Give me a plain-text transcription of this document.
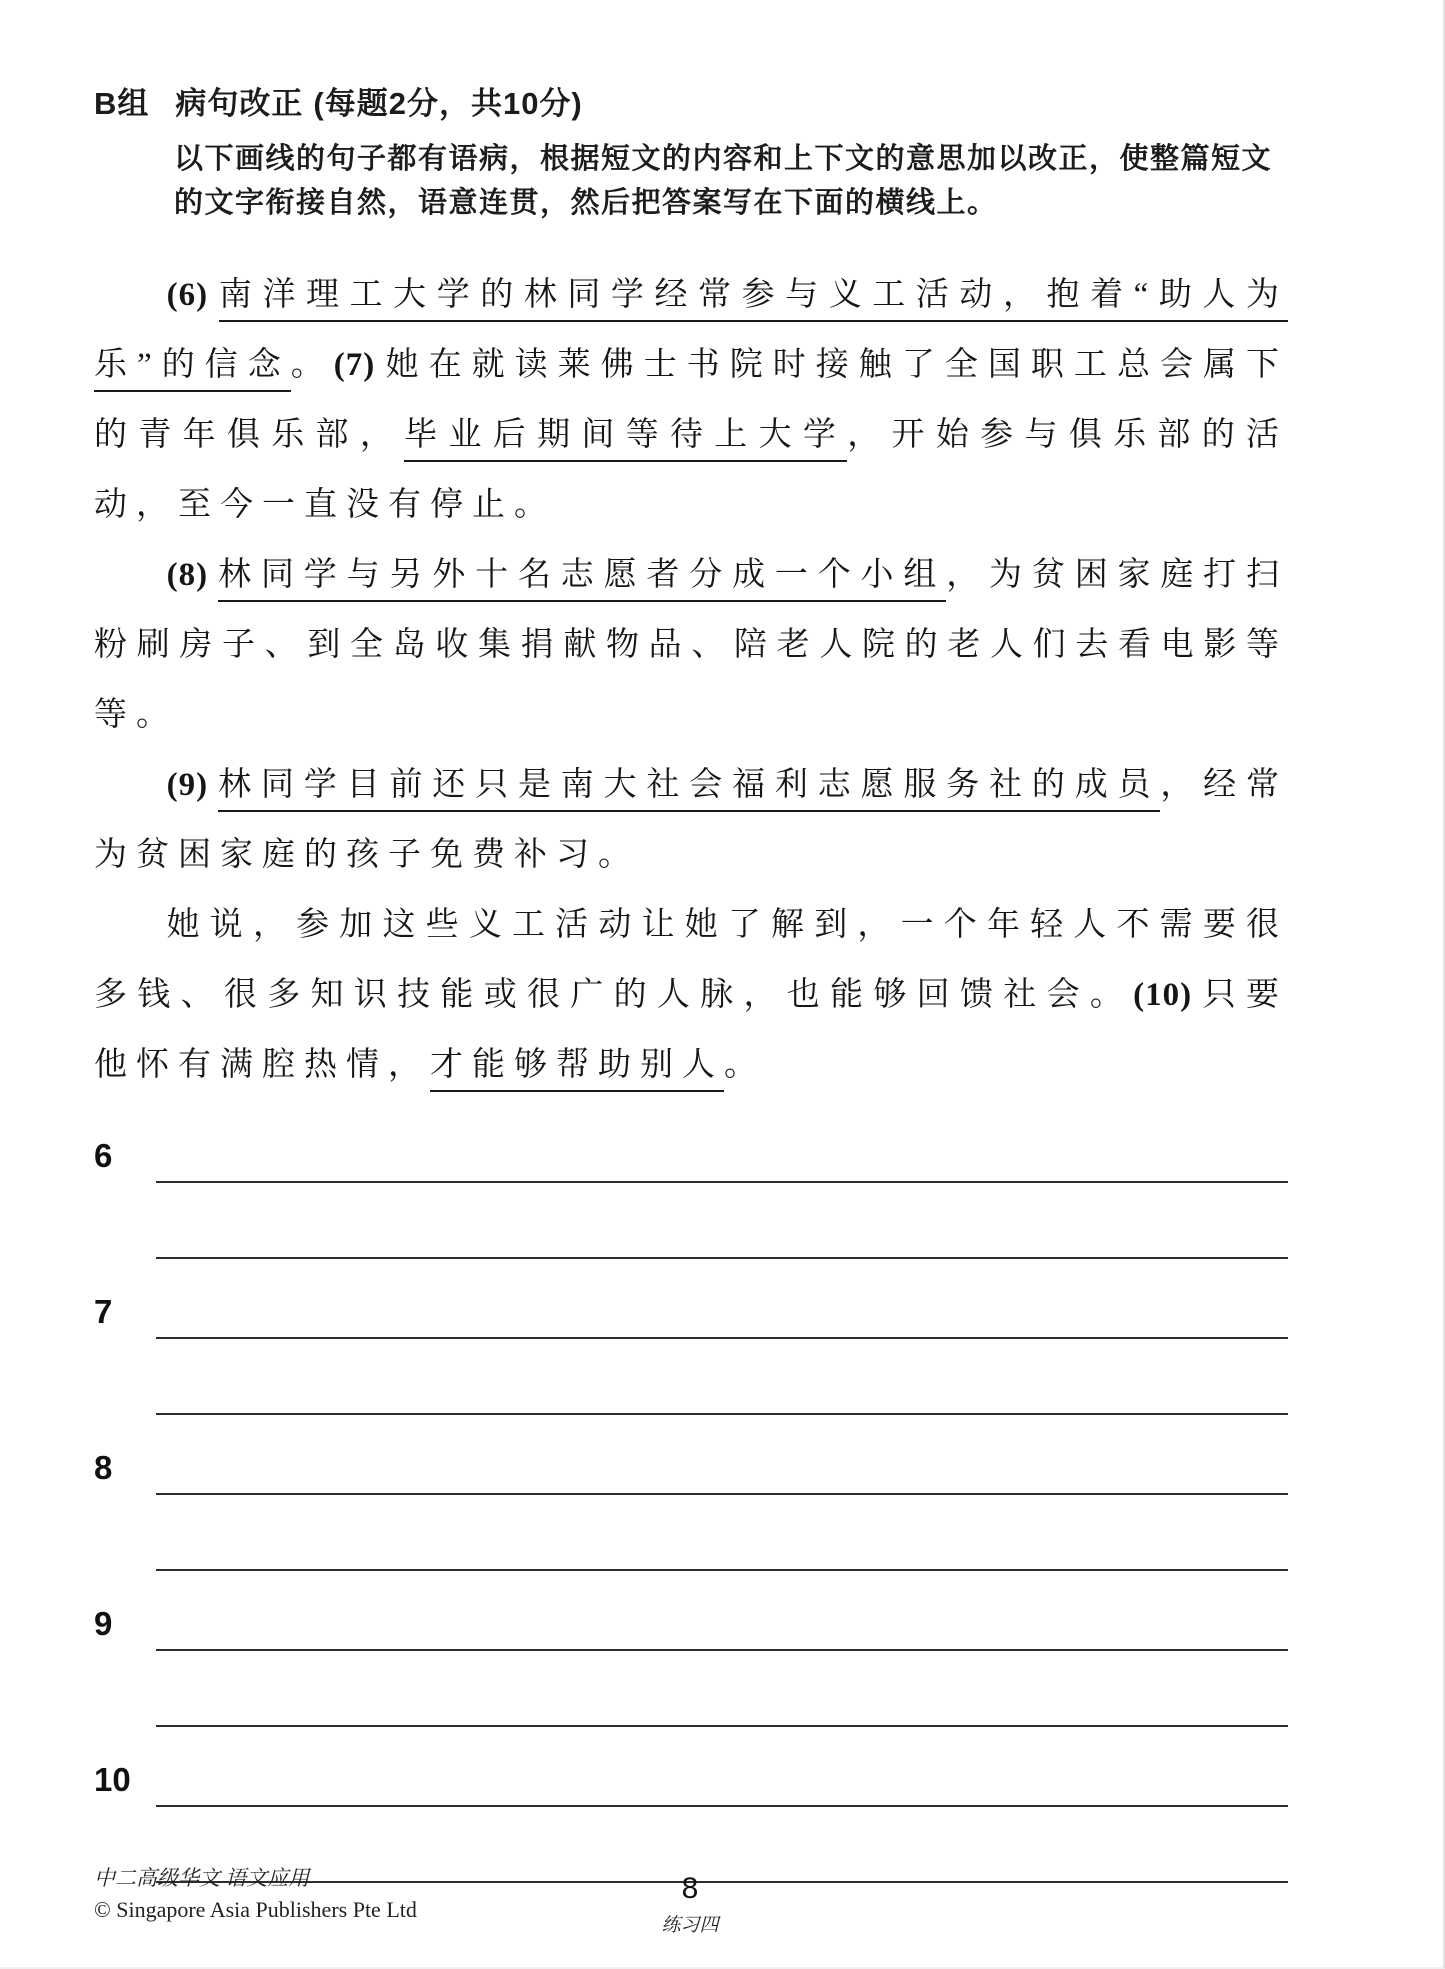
B组 病句改正 (每题2分，共10分)

以下画线的句子都有语病，根据短文的内容和上下文的意思加以改正，使整篇短文的文字衔接自然，语意连贯，然后把答案写在下面的横线上。

(6) 南洋理工大学的林同学经常参与义工活动，抱着“助人为乐”的信念。(7) 她在就读莱佛士书院时接触了全国职工总会属下的青年俱乐部，毕业后期间等待上大学，开始参与俱乐部的活动，至今一直没有停止。

(8) 林同学与另外十名志愿者分成一个小组，为贫困家庭打扫粉刷房子、到全岛收集捐献物品、陪老人院的老人们去看电影等等。

(9) 林同学目前还只是南大社会福利志愿服务社的成员，经常为贫困家庭的孩子免费补习。

她说，参加这些义工活动让她了解到，一个年轻人不需要很多钱、很多知识技能或很广的人脉，也能够回馈社会。(10) 只要他怀有满腔热情，才能够帮助别人。

6
7
8
9
10
中二高级华文 语文应用
© Singapore Asia Publishers Pte Ltd
8
练习四
